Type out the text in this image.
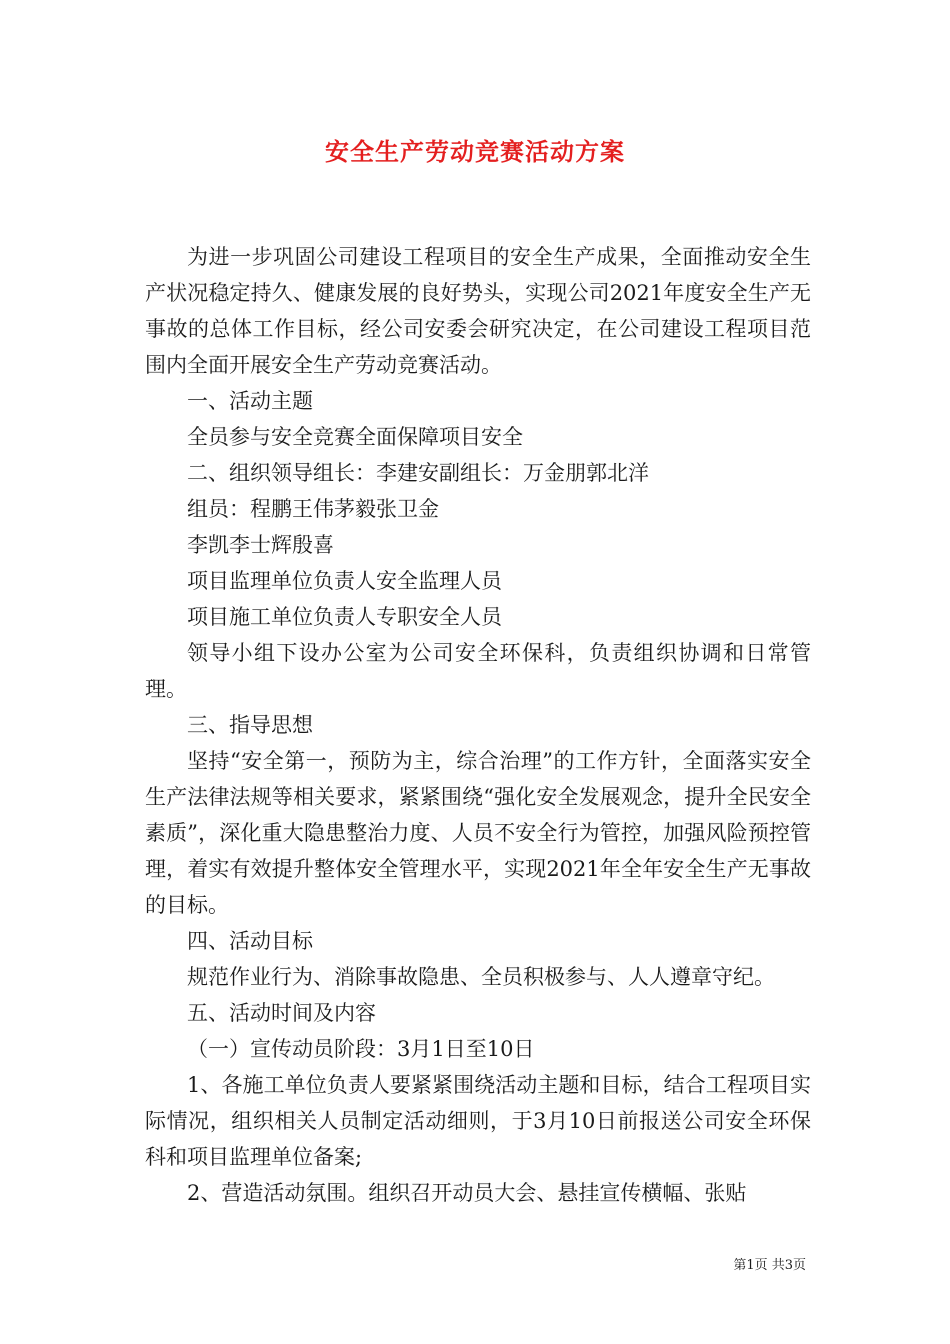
安全生产劳动竞赛活动方案

为进一步巩固公司建设工程项目的安全生产成果，全面推动安全生产状况稳定持久、健康发展的良好势头，实现公司2021年度安全生产无事故的总体工作目标，经公司安委会研究决定，在公司建设工程项目范围内全面开展安全生产劳动竞赛活动。

一、活动主题

全员参与安全竞赛全面保障项目安全

二、组织领导组长：李建安副组长：万金朋郭北洋

组员：程鹏王伟茅毅张卫金

李凯李士辉殷喜

项目监理单位负责人安全监理人员

项目施工单位负责人专职安全人员

领导小组下设办公室为公司安全环保科，负责组织协调和日常管理。

三、指导思想

坚持“安全第一，预防为主，综合治理”的工作方针，全面落实安全生产法律法规等相关要求，紧紧围绕“强化安全发展观念，提升全民安全素质”，深化重大隐患整治力度、人员不安全行为管控，加强风险预控管理，着实有效提升整体安全管理水平，实现2021年全年安全生产无事故的目标。

四、活动目标

规范作业行为、消除事故隐患、全员积极参与、人人遵章守纪。

五、活动时间及内容

（一）宣传动员阶段：3月1日至10日

1、各施工单位负责人要紧紧围绕活动主题和目标，结合工程项目实际情况，组织相关人员制定活动细则，于3月10日前报送公司安全环保科和项目监理单位备案;

2、营造活动氛围。组织召开动员大会、悬挂宣传横幅、张贴

第1页 共3页
